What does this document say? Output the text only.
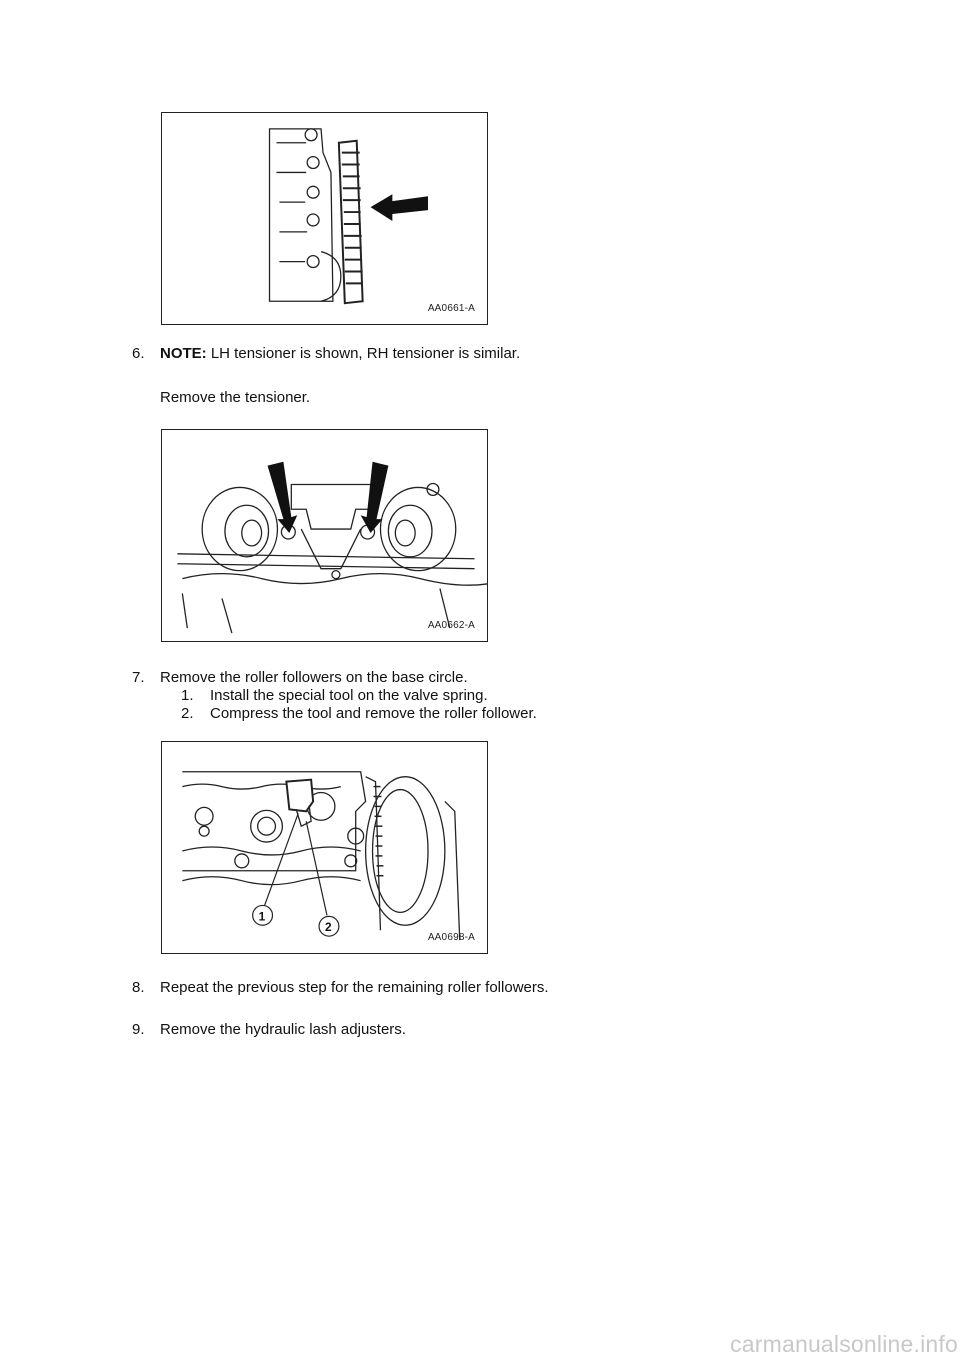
AA0661-A
6. NOTE: LH tensioner is shown, RH tensioner is similar.
Remove the tensioner.
AA0662-A
7. Remove the roller followers on the base circle.
1. Install the special tool on the valve spring.
2. Compress the tool and remove the roller follower.
1
2
AA0698-A
8. Repeat the previous step for the remaining roller followers.
9. Remove the hydraulic lash adjusters.
carmanualsonline.info
